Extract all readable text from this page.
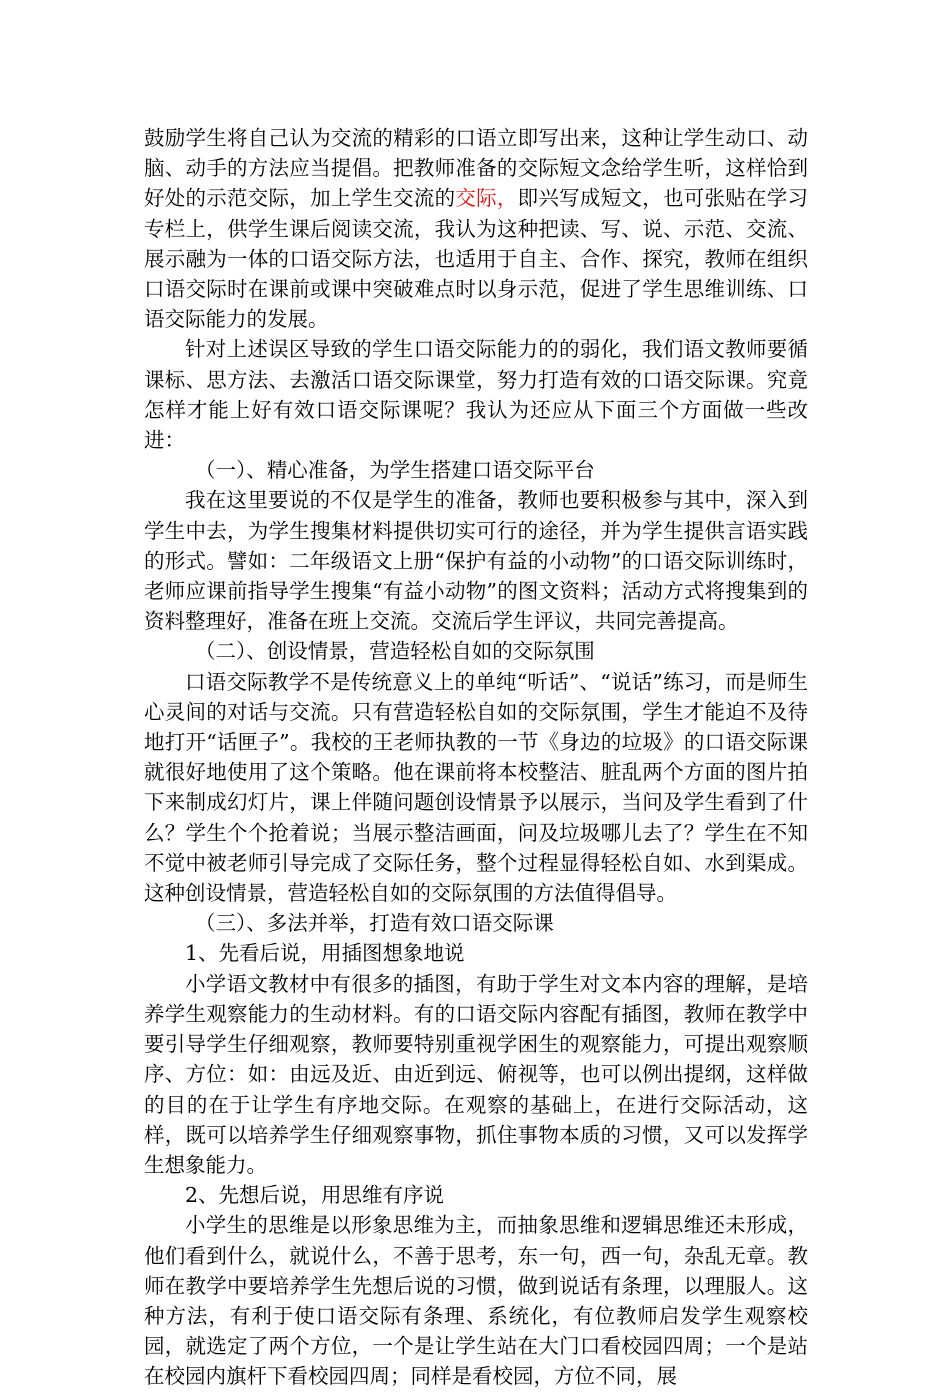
鼓励学生将自己认为交流的精彩的口语立即写出来，这种让学生动口、动脑、动手的方法应当提倡。把教师准备的交际短文念给学生听，这样恰到好处的示范交际，加上学生交流的交际，即兴写成短文，也可张贴在学习专栏上，供学生课后阅读交流，我认为这种把读、写、说、示范、交流、展示融为一体的口语交际方法，也适用于自主、合作、探究，教师在组织口语交际时在课前或课中突破难点时以身示范，促进了学生思维训练、口语交际能力的发展。

针对上述误区导致的学生口语交际能力的的弱化，我们语文教师要循课标、思方法、去激活口语交际课堂，努力打造有效的口语交际课。究竟怎样才能上好有效口语交际课呢？我认为还应从下面三个方面做一些改进：

（一）、精心准备，为学生搭建口语交际平台

我在这里要说的不仅是学生的准备，教师也要积极参与其中，深入到学生中去，为学生搜集材料提供切实可行的途径，并为学生提供言语实践的形式。譬如：二年级语文上册“保护有益的小动物”的口语交际训练时，老师应课前指导学生搜集“有益小动物”的图文资料；活动方式将搜集到的资料整理好，准备在班上交流。交流后学生评议，共同完善提高。

（二）、创设情景，营造轻松自如的交际氛围

口语交际教学不是传统意义上的单纯“听话”、“说话”练习，而是师生心灵间的对话与交流。只有营造轻松自如的交际氛围，学生才能迫不及待地打开“话匣子”。我校的王老师执教的一节《身边的垃圾》的口语交际课就很好地使用了这个策略。他在课前将本校整洁、脏乱两个方面的图片拍下来制成幻灯片，课上伴随问题创设情景予以展示，当问及学生看到了什么？学生个个抢着说；当展示整洁画面，问及垃圾哪儿去了？学生在不知不觉中被老师引导完成了交际任务，整个过程显得轻松自如、水到渠成。这种创设情景，营造轻松自如的交际氛围的方法值得倡导。

（三）、多法并举，打造有效口语交际课

1、先看后说，用插图想象地说

小学语文教材中有很多的插图，有助于学生对文本内容的理解，是培养学生观察能力的生动材料。有的口语交际内容配有插图，教师在教学中要引导学生仔细观察，教师要特别重视学困生的观察能力，可提出观察顺序、方位：如：由远及近、由近到远、俯视等，也可以例出提纲，这样做的目的在于让学生有序地交际。在观察的基础上，在进行交际活动，这样，既可以培养学生仔细观察事物，抓住事物本质的习惯，又可以发挥学生想象能力。

2、先想后说，用思维有序说

小学生的思维是以形象思维为主，而抽象思维和逻辑思维还未形成，他们看到什么，就说什么，不善于思考，东一句，西一句，杂乱无章。教师在教学中要培养学生先想后说的习惯，做到说话有条理，以理服人。这种方法，有利于使口语交际有条理、系统化，有位教师启发学生观察校园，就选定了两个方位，一个是让学生站在大门口看校园四周；一个是站在校园内旗杆下看校园四周；同样是看校园，方位不同，展
